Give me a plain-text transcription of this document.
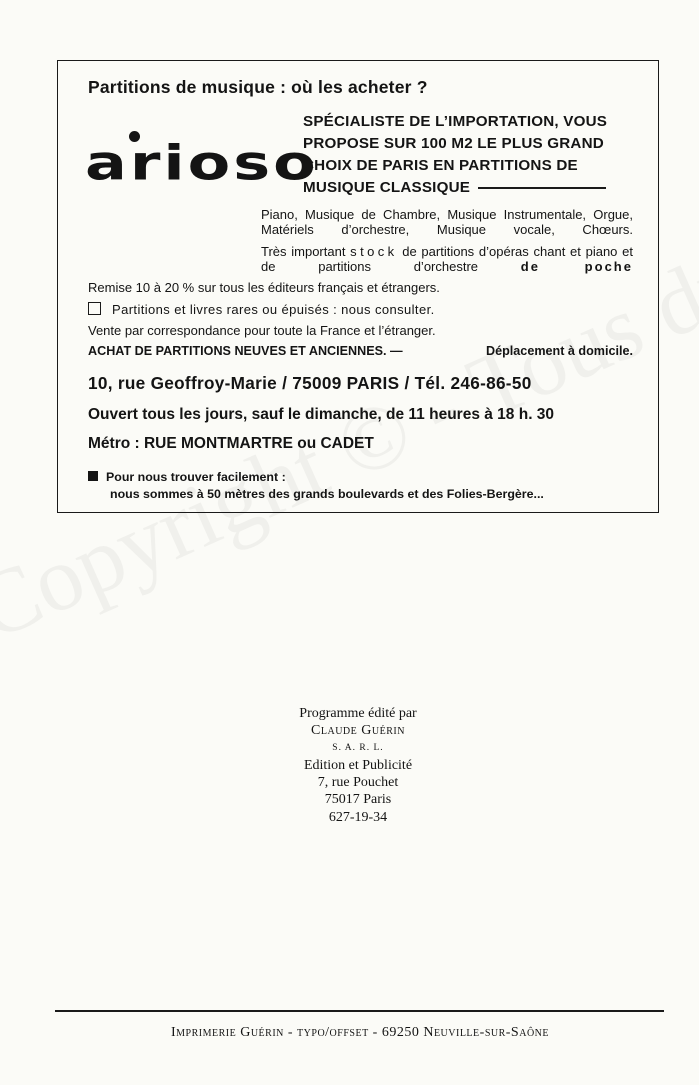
Partitions de musique : où les acheter ?
arioso
SPÉCIALISTE DE L’IMPORTATION, VOUS PROPOSE SUR 100 M2 LE PLUS GRAND CHOIX DE PARIS EN PARTITIONS DE MUSIQUE CLASSIQUE
Piano, Musique de Chambre, Musique Instrumentale, Orgue, Matériels d’orchestre, Musique vocale, Chœurs.
Très important stock de partitions d’opéras chant et piano et de partitions d’orchestre	de poche
Remise 10 à 20 % sur tous les éditeurs français et étrangers.
Partitions et livres rares ou épuisés : nous consulter.
Vente par correspondance pour toute la France et l’étranger.
ACHAT DE PARTITIONS NEUVES ET ANCIENNES. —	Déplacement à domicile.
10, rue Geoffroy-Marie / 75009 PARIS / Tél. 246-86-50
Ouvert tous les jours, sauf le dimanche, de 11 heures à 18 h. 30
Métro : RUE MONTMARTRE ou CADET
Pour nous trouver facilement :
nous sommes à 50 mètres des grands boulevards et des Folies-Bergère...
Programme édité par
Claude Guérin
S. A. R. L.
Edition et Publicité
7, rue Pouchet
75017 Paris
627-19-34
Imprimerie Guérin - typo/offset - 69250 Neuville-sur-Saône
